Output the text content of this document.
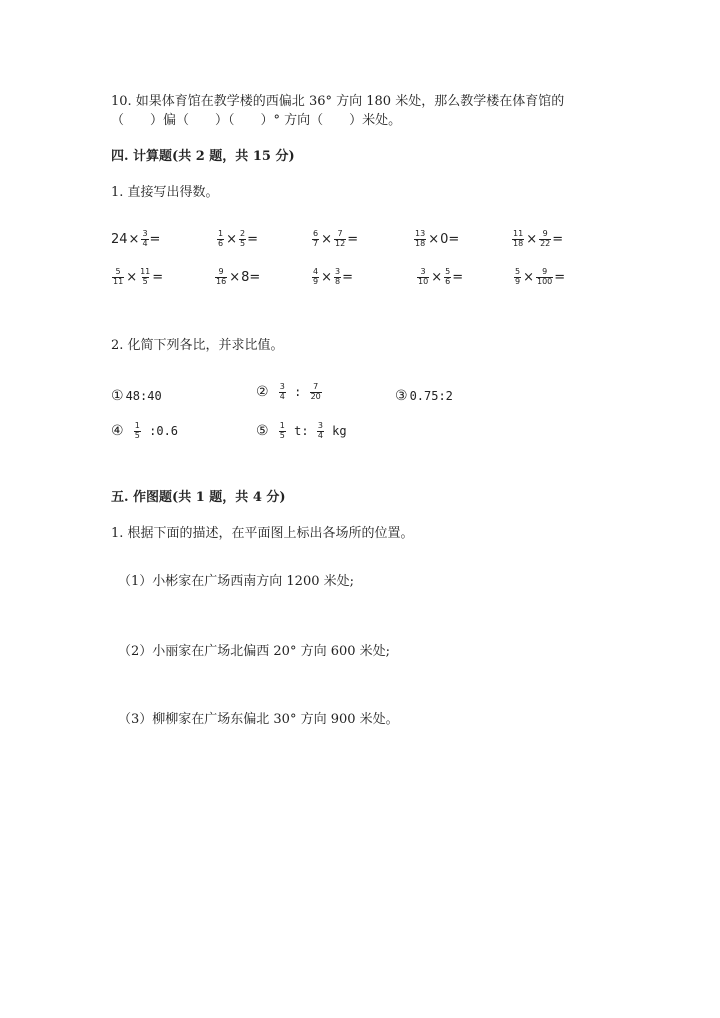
10. 如果体育馆在教学楼的西偏北 36° 方向 180 米处，那么教学楼在体育馆的
（　　）偏（　　）（　　）° 方向（　　）米处。
四. 计算题(共 2 题，共 15 分)
1. 直接写出得数。
$24\times \frac{3}{4}$ =	$\frac{1}{6} \times \frac{2}{5}$ =	$\frac{6}{7} \times \frac{7}{12}$ =	$\frac{13}{18} \times 0=$	$\frac{11}{18} \times \frac{9}{22}$ =
$\frac{5}{11} \times \frac{11}{5}$ =	$\frac{9}{16} \times 8=$	$\frac{4}{9} \times \frac{3}{8}$ =	$\frac{3}{10} \times \frac{5}{6}$ =	$\frac{5}{9} \times \frac{9}{100}$ =
2. 化简下列各比，并求比值。
① 48:40	② $\frac{3}{4}$ : $\frac{7}{20}$	③ 0.75:2
④ $\frac{1}{5}$ :0.6	⑤ $\frac{1}{5} t$: $\frac{3}{4}$ kg
五. 作图题(共 1 题，共 4 分)
1. 根据下面的描述，在平面图上标出各场所的位置。
（1）小彬家在广场西南方向 1200 米处;
（2）小丽家在广场北偏西 20° 方向 600 米处;
（3）柳柳家在广场东偏北 30° 方向 900 米处。
